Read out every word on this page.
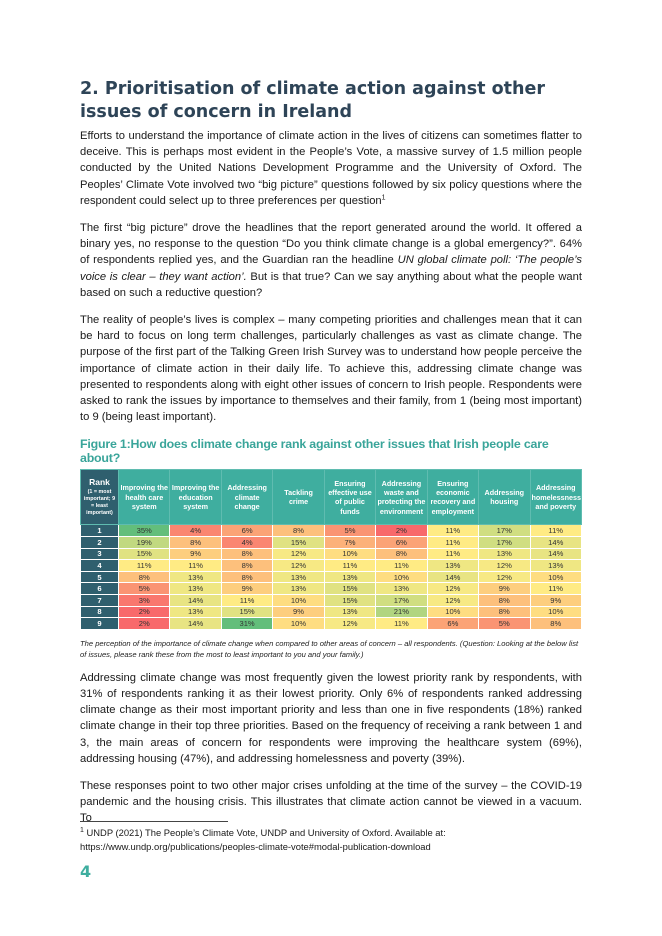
2. Prioritisation of climate action against other issues of concern in Ireland

Efforts to understand the importance of climate action in the lives of citizens can sometimes flatter to deceive. This is perhaps most evident in the People’s Vote, a massive survey of 1.5 million people conducted by the United Nations Development Programme and the University of Oxford. The Peoples’ Climate Vote involved two “big picture” questions followed by six policy questions where the respondent could select up to three preferences per question$^1$

The first “big picture” drove the headlines that the report generated around the world. It offered a binary yes, no response to the question “Do you think climate change is a global emergency?”. 64% of respondents replied yes, and the Guardian ran the headline UN global climate poll: ‘The people’s voice is clear – they want action’. But is that true? Can we say anything about what the people want based on such a reductive question?

The reality of people’s lives is complex – many competing priorities and challenges mean that it can be hard to focus on long term challenges, particularly challenges as vast as climate change. The purpose of the first part of the Talking Green Irish Survey was to understand how people perceive the importance of climate action in their daily life. To achieve this, addressing climate change was presented to respondents along with eight other issues of concern to Irish people. Respondents were asked to rank the issues by importance to themselves and their family, from 1 (being most important) to 9 (being least important).

Figure 1:How does climate change rank against other issues that Irish people care about?
Rank
(1 = most important; 9 = least important)	Improving the health care system	Improving the education system	Addressing climate change	Tackling crime	Ensuring effective use of public funds	Addressing waste and protecting the environment	Ensuring economic recovery and employment	Addressing housing	Addressing homelessness and poverty
1	35%	4%	6%	8%	5%	2%	11%	17%	11%
2	19%	8%	4%	15%	7%	6%	11%	17%	14%
3	15%	9%	8%	12%	10%	8%	11%	13%	14%
4	11%	11%	8%	12%	11%	11%	13%	12%	13%
5	8%	13%	8%	13%	13%	10%	14%	12%	10%
6	5%	13%	9%	13%	15%	13%	12%	9%	11%
7	3%	14%	11%	10%	15%	17%	12%	8%	9%
8	2%	13%	15%	9%	13%	21%	10%	8%	10%
9	2%	14%	31%	10%	12%	11%	6%	5%	8%
The perception of the importance of climate change when compared to other areas of concern – all respondents. (Question: Looking at the below list of issues, please rank these from the most to least important to you and your family.)

Addressing climate change was most frequently given the lowest priority rank by respondents, with 31% of respondents ranking it as their lowest priority. Only 6% of respondents ranked addressing climate change as their most important priority and less than one in five respondents (18%) ranked climate change in their top three priorities. Based on the frequency of receiving a rank between 1 and 3, the main areas of concern for respondents were improving the healthcare system (69%), addressing housing (47%), and addressing homelessness and poverty (39%).

These responses point to two other major crises unfolding at the time of the survey – the COVID-19 pandemic and the housing crisis. This illustrates that climate action cannot be viewed in a vacuum. To

$^1$ UNDP (2021) The People’s Climate Vote, UNDP and University of Oxford. Available at:
https://www.undp.org/publications/peoples-climate-vote#modal-publication-download
4
